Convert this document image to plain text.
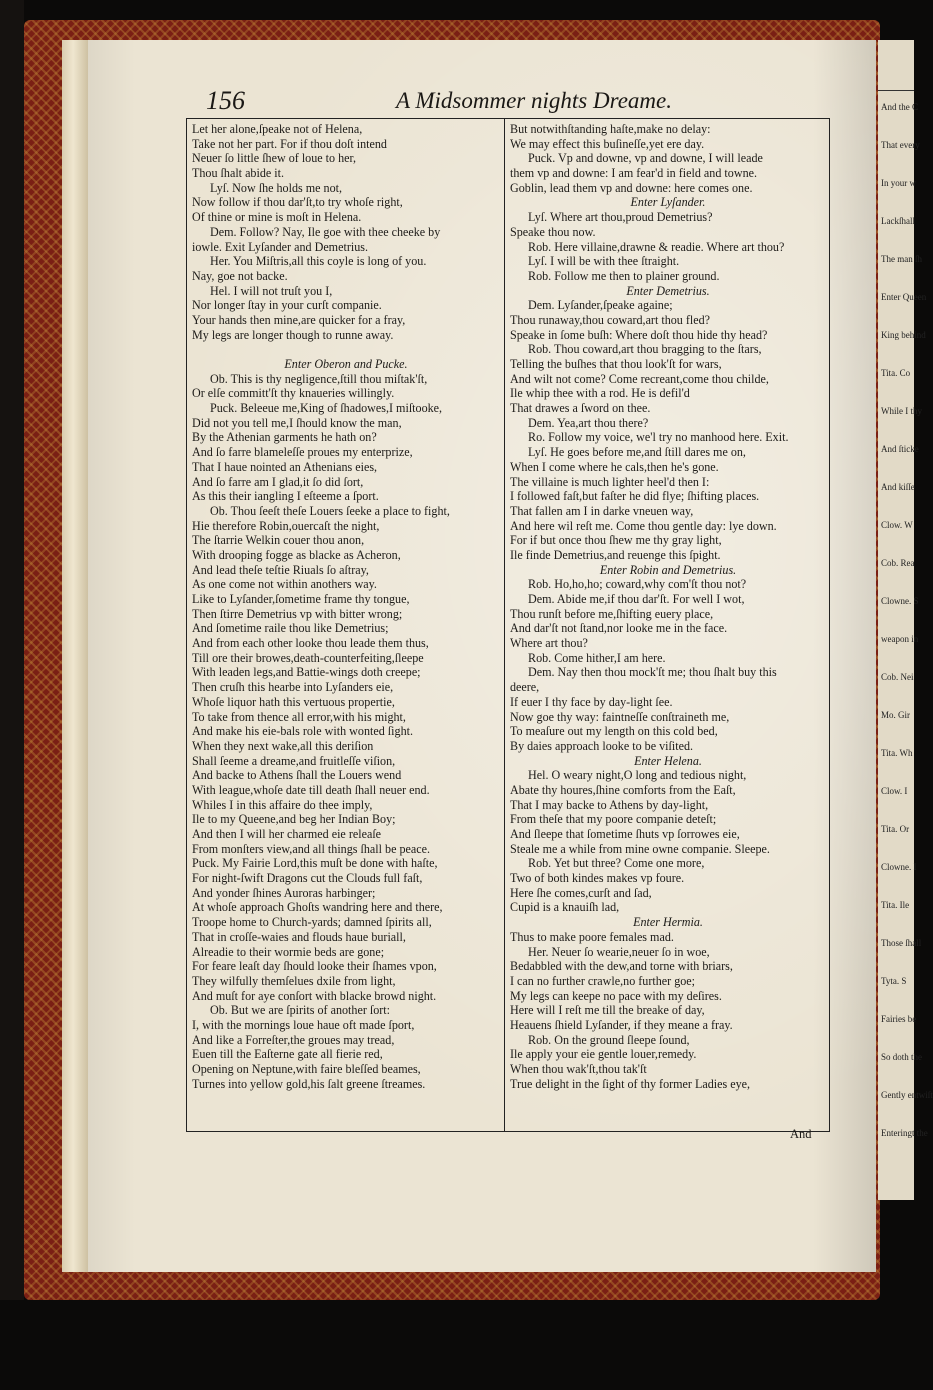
And the C
That every
In your w
Lackſhall
The man ſh
Enter Queen
King behind
Tita. Co
While I thy
And ſticke
And kiſſe
Clow. W
Cob. Rea
Clowne. S
weapon in
Cob. Nei
Mo. Gir
Tita. Wh
Clow. I
Tita. Or
Clowne. I
Tita. Ile
Those ſhall
Tyta. S
Fairies be
So doth the
Gently entwiſt
Enteringt the
156	A Midsommer nights Dreame.
Let her alone,ſpeake not of Helena,
Take not her part. For if thou doſt intend
Neuer ſo little ſhew of loue to her,
Thou ſhalt abide it.
Lyſ. Now ſhe holds me not,
Now follow if thou dar'ſt,to try whoſe right,
Of thine or mine is moſt in Helena.
Dem. Follow? Nay, Ile goe with thee cheeke by
iowle. Exit Lyſander and Demetrius.
Her. You Miſtris,all this coyle is long of you.
Nay, goe not backe.
Hel. I will not truſt you I,
Nor longer ſtay in your curſt companie.
Your hands then mine,are quicker for a fray,
My legs are longer though to runne away.
Enter Oberon and Pucke.
Ob. This is thy negligence,ſtill thou miſtak'ſt,
Or elſe committ'ſt thy knaueries willingly.
Puck. Beleeue me,King of ſhadowes,I miſtooke,
Did not you tell me,I ſhould know the man,
By the Athenian garments he hath on?
And ſo farre blameleſſe proues my enterprize,
That I haue nointed an Athenians eies,
And ſo farre am I glad,it ſo did ſort,
As this their iangling I eſteeme a ſport.
Ob. Thou ſeeſt theſe Louers ſeeke a place to fight,
Hie therefore Robin,ouercaſt the night,
The ſtarrie Welkin couer thou anon,
With drooping fogge as blacke as Acheron,
And lead theſe teſtie Riuals ſo aſtray,
As one come not within anothers way.
Like to Lyſander,ſometime frame thy tongue,
Then ſtirre Demetrius vp with bitter wrong;
And ſometime raile thou like Demetrius;
And from each other looke thou leade them thus,
Till ore their browes,death-counterfeiting,ſleepe
With leaden legs,and Battie-wings doth creepe;
Then cruſh this hearbe into Lyſanders eie,
Whoſe liquor hath this vertuous propertie,
To take from thence all error,with his might,
And make his eie-bals role with wonted ſight.
When they next wake,all this deriſion
Shall ſeeme a dreame,and fruitleſſe viſion,
And backe to Athens ſhall the Louers wend
With league,whoſe date till death ſhall neuer end.
Whiles I in this affaire do thee imply,
Ile to my Queene,and beg her Indian Boy;
And then I will her charmed eie releaſe
From monſters view,and all things ſhall be peace.
Puck. My Fairie Lord,this muſt be done with haſte,
For night-ſwift Dragons cut the Clouds full faſt,
And yonder ſhines Auroras harbinger;
At whoſe approach Ghoſts wandring here and there,
Troope home to Church-yards; damned ſpirits all,
That in croſſe-waies and flouds haue buriall,
Alreadie to their wormie beds are gone;
For feare leaſt day ſhould looke their ſhames vpon,
They wilfully themſelues dxile from light,
And muſt for aye conſort with blacke browd night.
Ob. But we are ſpirits of another ſort:
I, with the mornings loue haue oft made ſport,
And like a Forreſter,the groues may tread,
Euen till the Eaſterne gate all fierie red,
Opening on Neptune,with faire bleſſed beames,
Turnes into yellow gold,his ſalt greene ſtreames.
But notwithſtanding haſte,make no delay:
We may effect this buſineſſe,yet ere day.
Puck. Vp and downe, vp and downe, I will leade
them vp and downe: I am fear'd in field and towne.
Goblin, lead them vp and downe: here comes one.
Enter Lyſander.
Lyſ. Where art thou,proud Demetrius?
Speake thou now.
Rob. Here villaine,drawne & readie. Where art thou?
Lyſ. I will be with thee ſtraight.
Rob. Follow me then to plainer ground.
Enter Demetrius.
Dem. Lyſander,ſpeake againe;
Thou runaway,thou coward,art thou fled?
Speake in ſome buſh: Where doſt thou hide thy head?
Rob. Thou coward,art thou bragging to the ſtars,
Telling the buſhes that thou look'ſt for wars,
And wilt not come? Come recreant,come thou childe,
Ile whip thee with a rod. He is defil'd
That drawes a ſword on thee.
Dem. Yea,art thou there?
Ro. Follow my voice, we'l try no manhood here. Exit.
Lyſ. He goes before me,and ſtill dares me on,
When I come where he cals,then he's gone.
The villaine is much lighter heel'd then I:
I followed faſt,but faſter he did flye; ſhifting places.
That fallen am I in darke vneuen way,
And here wil reſt me. Come thou gentle day: lye down.
For if but once thou ſhew me thy gray light,
Ile finde Demetrius,and reuenge this ſpight.
Enter Robin and Demetrius.
Rob. Ho,ho,ho; coward,why com'ſt thou not?
Dem. Abide me,if thou dar'ſt. For well I wot,
Thou runſt before me,ſhifting euery place,
And dar'ſt not ſtand,nor looke me in the face.
Where art thou?
Rob. Come hither,I am here.
Dem. Nay then thou mock'ſt me; thou ſhalt buy this
deere,
If euer I thy face by day-light ſee.
Now goe thy way: faintneſſe conſtraineth me,
To meaſure out my length on this cold bed,
By daies approach looke to be viſited.
Enter Helena.
Hel. O weary night,O long and tedious night,
Abate thy houres,ſhine comforts from the Eaſt,
That I may backe to Athens by day-light,
From theſe that my poore companie deteſt;
And ſleepe that ſometime ſhuts vp ſorrowes eie,
Steale me a while from mine owne companie. Sleepe.
Rob. Yet but three? Come one more,
Two of both kindes makes vp foure.
Here ſhe comes,curſt and ſad,
Cupid is a knauiſh lad,
Enter Hermia.
Thus to make poore females mad.
Her. Neuer ſo wearie,neuer ſo in woe,
Bedabbled with the dew,and torne with briars,
I can no further crawle,no further goe;
My legs can keepe no pace with my deſires.
Here will I reſt me till the breake of day,
Heauens ſhield Lyſander, if they meane a fray.
Rob. On the ground ſleepe ſound,
Ile apply your eie gentle louer,remedy.
When thou wak'ſt,thou tak'ſt
True delight in the ſight of thy former Ladies eye,
And
